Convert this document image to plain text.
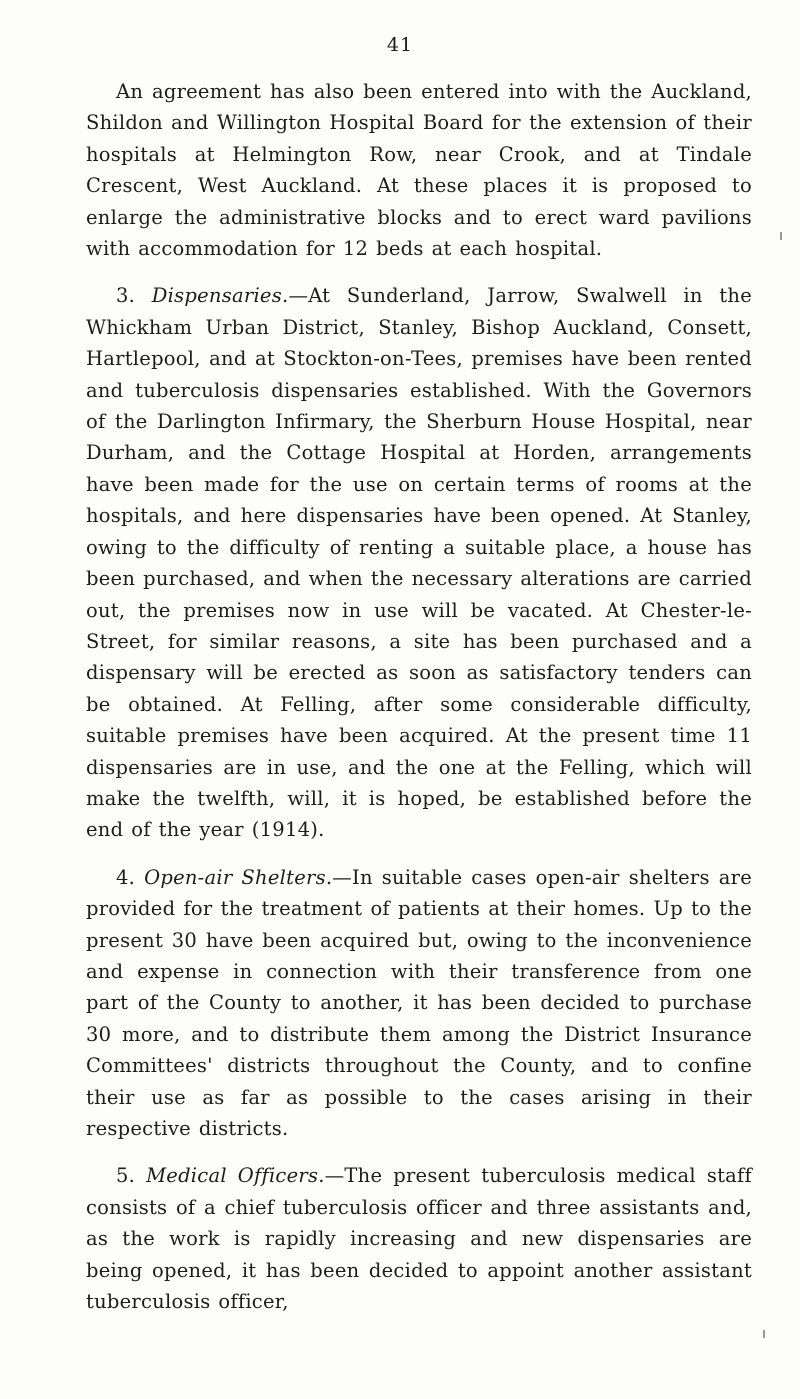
41

An agreement has also been entered into with the Auckland, Shildon and Willington Hospital Board for the extension of their hospitals at Helmington Row, near Crook, and at Tindale Crescent, West Auckland. At these places it is proposed to enlarge the administrative blocks and to erect ward pavilions with accommodation for 12 beds at each hospital.

3. Dispensaries.—At Sunderland, Jarrow, Swalwell in the Whickham Urban District, Stanley, Bishop Auckland, Consett, Hartlepool, and at Stockton-on-Tees, premises have been rented and tuberculosis dispensaries established. With the Governors of the Darlington Infirmary, the Sherburn House Hospital, near Durham, and the Cottage Hospital at Horden, arrangements have been made for the use on certain terms of rooms at the hospitals, and here dispensaries have been opened. At Stanley, owing to the difficulty of renting a suitable place, a house has been purchased, and when the necessary alterations are carried out, the premises now in use will be vacated. At Chester-le-Street, for similar reasons, a site has been purchased and a dispensary will be erected as soon as satisfactory tenders can be obtained. At Felling, after some considerable difficulty, suitable premises have been acquired. At the present time 11 dispensaries are in use, and the one at the Felling, which will make the twelfth, will, it is hoped, be established before the end of the year (1914).

4. Open-air Shelters.—In suitable cases open-air shelters are provided for the treatment of patients at their homes. Up to the present 30 have been acquired but, owing to the inconvenience and expense in connection with their transference from one part of the County to another, it has been decided to purchase 30 more, and to distribute them among the District Insurance Committees' districts throughout the County, and to confine their use as far as possible to the cases arising in their respective districts.

5. Medical Officers.—The present tuberculosis medical staff consists of a chief tuberculosis officer and three assistants and, as the work is rapidly increasing and new dispensaries are being opened, it has been decided to appoint another assistant tuberculosis officer,
